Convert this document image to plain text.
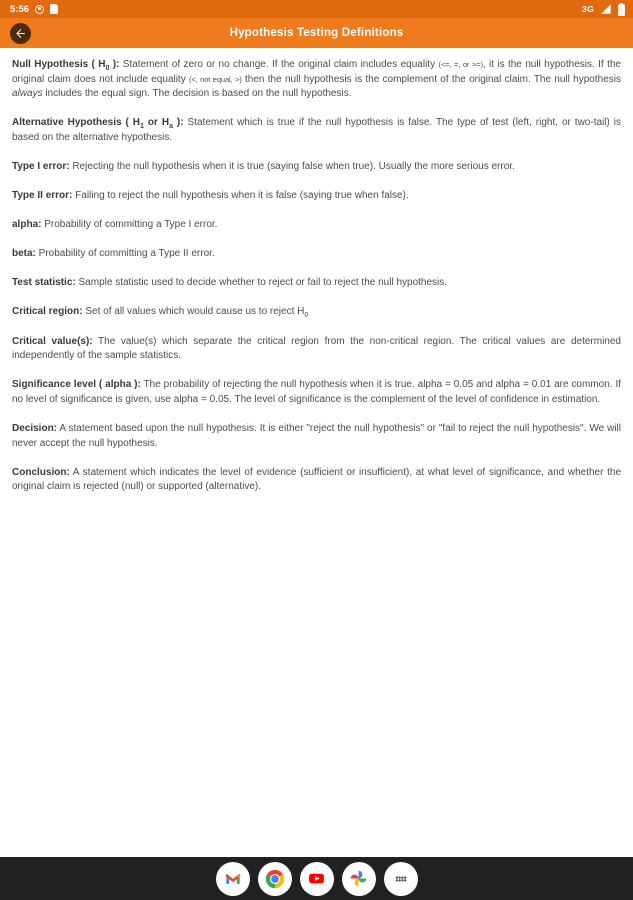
5:56	3G
Hypothesis Testing Definitions

Null Hypothesis ( $H_0$ ): Statement of zero or no change. If the original claim includes equality (<=, =, or >=), it is the null hypothesis. If the original claim does not include equality (<, not equal, >) then the null hypothesis is the complement of the original claim. The null hypothesis always includes the equal sign. The decision is based on the null hypothesis.

Alternative Hypothesis ( $H_1$ or $H_a$ ): Statement which is true if the null hypothesis is false. The type of test (left, right, or two-tail) is based on the alternative hypothesis.

Type I error: Rejecting the null hypothesis when it is true (saying false when true). Usually the more serious error.

Type II error: Failing to reject the null hypothesis when it is false (saying true when false).

alpha: Probability of committing a Type I error.

beta: Probability of committing a Type II error.

Test statistic: Sample statistic used to decide whether to reject or fail to reject the null hypothesis.

Critical region: Set of all values which would cause us to reject $H_0$

Critical value(s): The value(s) which separate the critical region from the non-critical region. The critical values are determined independently of the sample statistics.

Significance level ( alpha ): The probability of rejecting the null hypothesis when it is true. alpha = 0.05 and alpha = 0.01 are common. If no level of significance is given, use alpha = 0.05. The level of significance is the complement of the level of confidence in estimation.

Decision: A statement based upon the null hypothesis. It is either "reject the null hypothesis" or "fail to reject the null hypothesis". We will never accept the null hypothesis.

Conclusion: A statement which indicates the level of evidence (sufficient or insufficient), at what level of significance, and whether the original claim is rejected (null) or supported (alternative).
